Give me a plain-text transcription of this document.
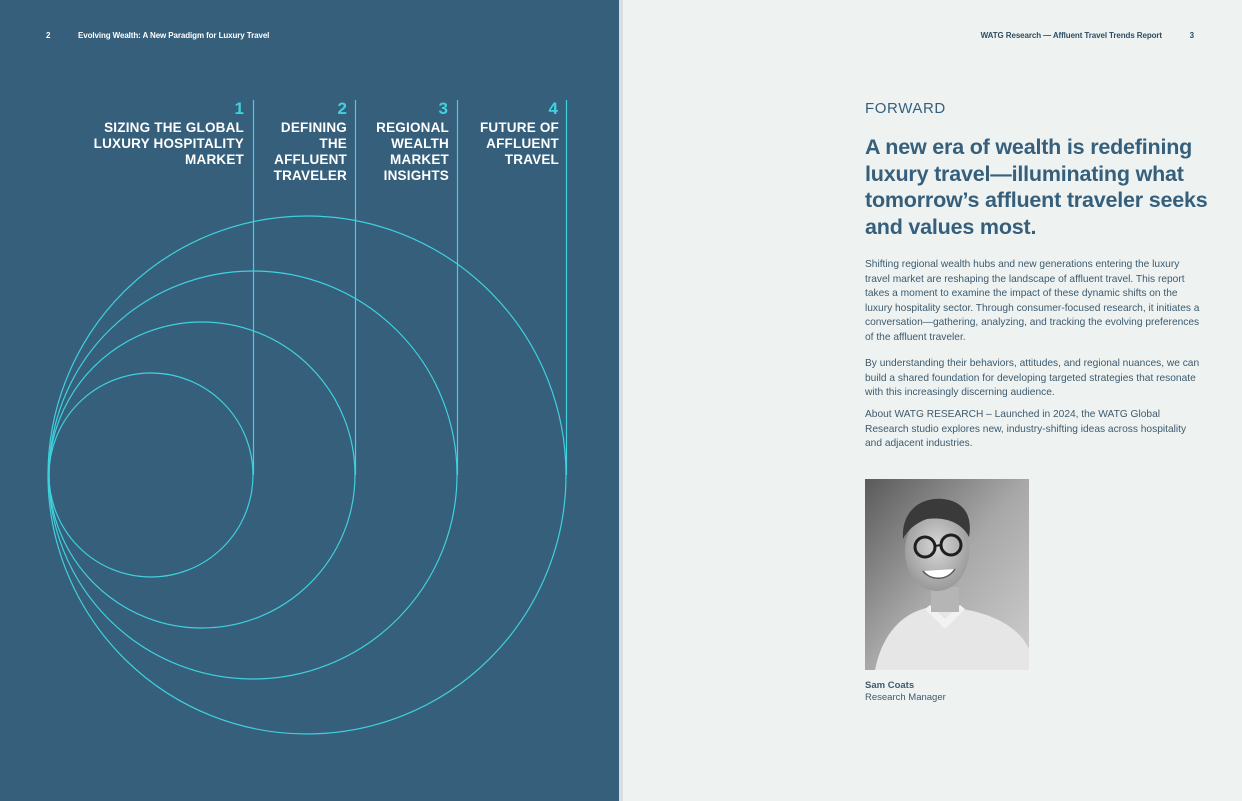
2	Evolving Wealth: A New Paradigm for Luxury Travel
1
SIZING THE GLOBAL
LUXURY HOSPITALITY
MARKET
2
DEFINING
THE
AFFLUENT
TRAVELER
3
REGIONAL
WEALTH
MARKET
INSIGHTS
4
FUTURE OF
AFFLUENT
TRAVEL
WATG Research — Affluent Travel Trends Report	3
FORWARD
A new era of wealth is redefining luxury travel—illuminating what tomorrow’s affluent traveler seeks and values most.

Shifting regional wealth hubs and new generations entering the luxury travel market are reshaping the landscape of affluent travel. This report takes a moment to examine the impact of these dynamic shifts on the luxury hospitality sector. Through consumer-focused research, it initiates a conversation—gathering, analyzing, and tracking the evolving preferences of the affluent traveler.

By understanding their behaviors, attitudes, and regional nuances, we can build a shared foundation for developing targeted strategies that resonate with this increasingly discerning audience.

About WATG RESEARCH – Launched in 2024, the WATG Global Research studio explores new, industry-shifting ideas across hospitality and adjacent industries.

Sam Coats
Research Manager
